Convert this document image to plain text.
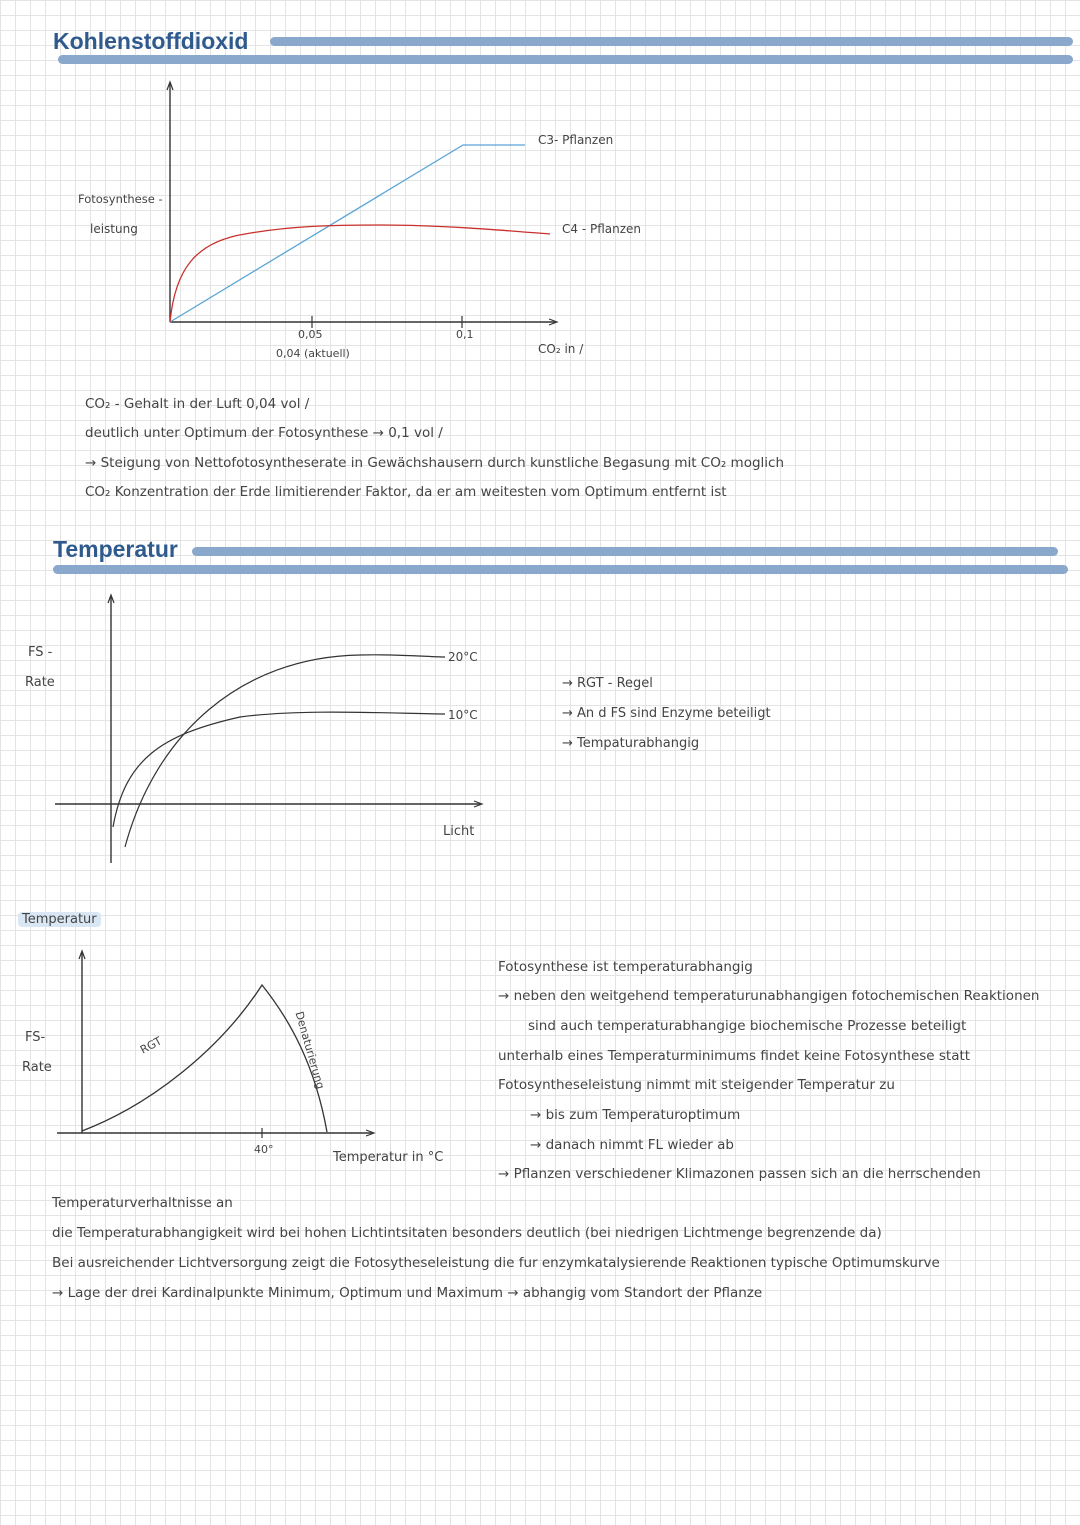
Kohlenstoffdioxid
Fotosynthese -
leistung
0,05
0,04 (aktuell)
0,1
CO₂ in /
C3- Pflanzen
C4 - Pflanzen
CO₂ - Gehalt in der Luft 0,04 vol /
deutlich unter Optimum der Fotosynthese → 0,1 vol /
→ Steigung von Nettofotosyntheserate in Gewächshausern durch kunstliche Begasung mit CO₂ moglich
CO₂ Konzentration der Erde limitierender Faktor, da er am weitesten vom Optimum entfernt ist
Temperatur
FS -
Rate
20°C
10°C
Licht
→ RGT - Regel
→ An d FS sind Enzyme beteiligt
→ Tempaturabhangig
Temperatur
FS-
Rate
RGT	Denaturierung
40°
Temperatur in °C
Fotosynthese ist temperaturabhangig
→ neben den weitgehend temperaturunabhangigen fotochemischen Reaktionen
sind auch temperaturabhangige biochemische Prozesse beteiligt
unterhalb eines Temperaturminimums findet keine Fotosynthese statt
Fotosyntheseleistung nimmt mit steigender Temperatur zu
→ bis zum Temperaturoptimum
→ danach nimmt FL wieder ab
→ Pflanzen verschiedener Klimazonen passen sich an die herrschenden
Temperaturverhaltnisse an
die Temperaturabhangigkeit wird bei hohen Lichtintsitaten besonders deutlich (bei niedrigen Lichtmenge begrenzende da)
Bei ausreichender Lichtversorgung zeigt die Fotosytheseleistung die fur enzymkatalysierende Reaktionen typische Optimumskurve
→ Lage der drei Kardinalpunkte Minimum, Optimum und Maximum → abhangig vom Standort der Pflanze
